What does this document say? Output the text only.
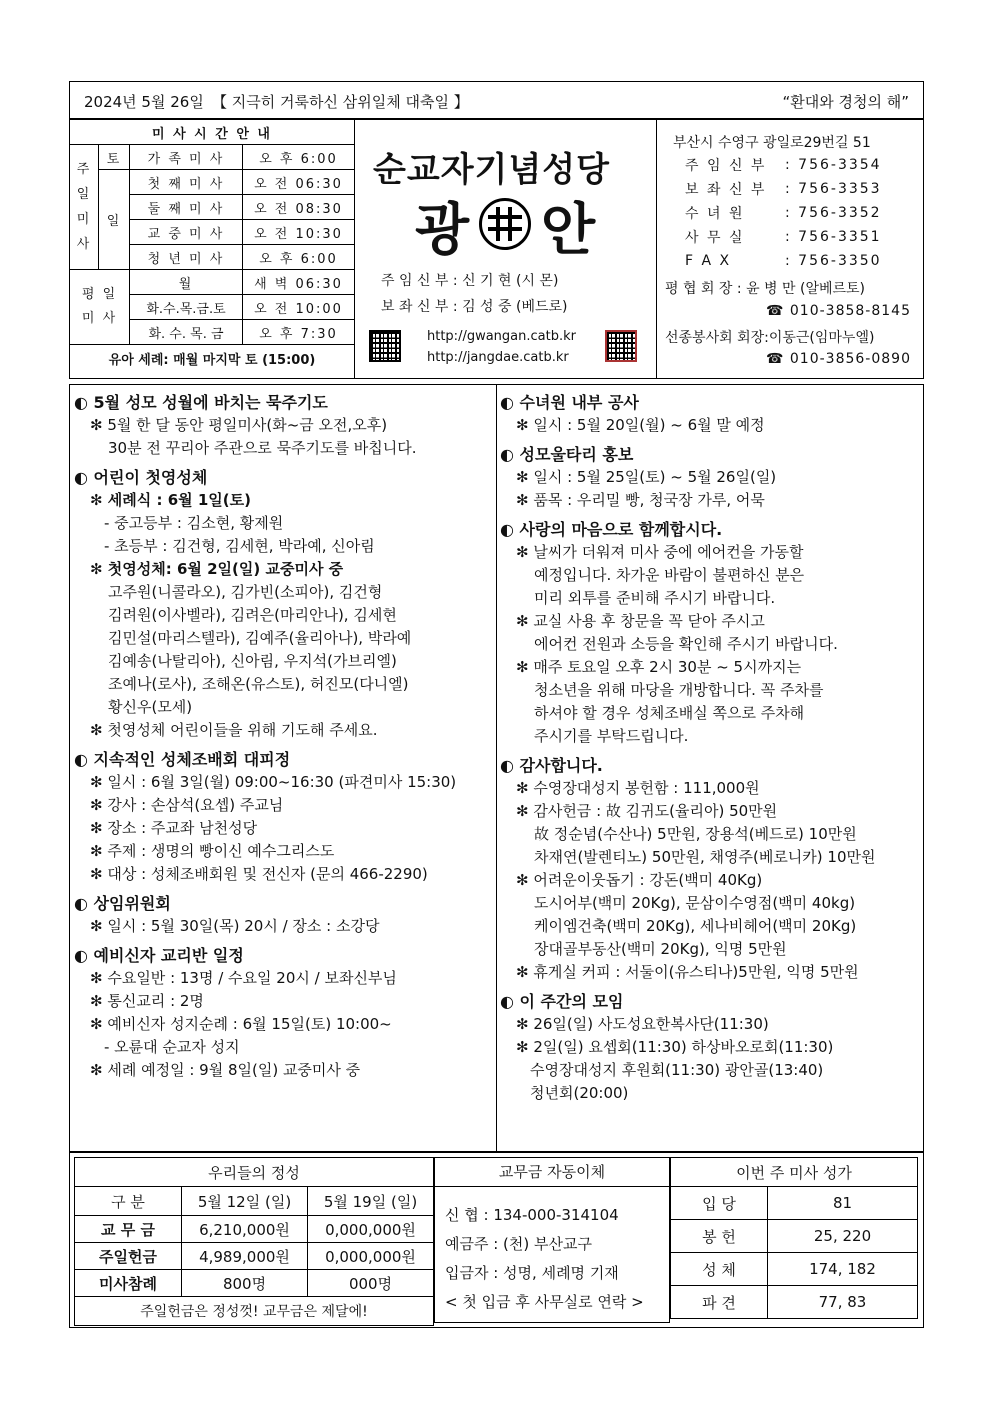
2024년 5월 26일 【 지극히 거룩하신 삼위일체 대축일 】	“환대와 경청의 해”
미 사 시 간 안 내			
주
일
미
사	토	가 족 미 사	오 후 6:00
	일	첫 째 미 사	오 전 06:30
		둘 째 미 사	오 전 08:30
		교 중 미 사	오 전 10:30
		청 년 미 사	오 후 6:00
평 일
미 사		월	새 벽 06:30
		화.수.목.금.토	오 전 10:00
		화. 수. 목. 금	오 후 7:30
유아 세례: 매월 마지막 토 (15:00)			
순교자기념성당
광 안
주 임 신 부 : 신 기 현 (시 몬)
보 좌 신 부 : 김 성 중 (베드로)
http://gwangan.catb.kr
http://jangdae.catb.kr
부산시 수영구 광일로29번길 51
주 임 신 부	: 756-3354
보 좌 신 부	: 756-3353
수 녀 원	: 756-3352
사 무 실	: 756-3351
F A X	: 756-3350
평 협 회 장 : 윤 병 만 (알베르토)
☎ 010-3858-8145
선종봉사회 회장:이동근(임마누엘)
☎ 010-3856-0890
◐ 5월 성모 성월에 바치는 묵주기도
✻ 5월 한 달 동안 평일미사(화~금 오전,오후)
30분 전 꾸리아 주관으로 묵주기도를 바칩니다.
◐ 어린이 첫영성체
✻ 세례식 : 6월 1일(토)
- 중고등부 : 김소현, 황제원
- 초등부 : 김건형, 김세현, 박라예, 신아림
✻ 첫영성체: 6월 2일(일) 교중미사 중
고주원(니콜라오), 김가빈(소피아), 김건형
김려원(이사벨라), 김려은(마리안나), 김세현
김민설(마리스텔라), 김예주(율리아나), 박라예
김예송(나탈리아), 신아림, 우지석(가브리엘)
조예나(로사), 조해온(유스토), 허진모(다니엘)
황신우(모세)
✻ 첫영성체 어린이들을 위해 기도해 주세요.
◐ 지속적인 성체조배회 대피정
✻ 일시 : 6월 3일(월) 09:00~16:30 (파견미사 15:30)
✻ 강사 : 손삼석(요셉) 주교님
✻ 장소 : 주교좌 남천성당
✻ 주제 : 생명의 빵이신 예수그리스도
✻ 대상 : 성체조배회원 및 전신자 (문의 466-2290)
◐ 상임위원회
✻ 일시 : 5월 30일(목) 20시 / 장소 : 소강당
◐ 예비신자 교리반 일정
✻ 수요일반 : 13명 / 수요일 20시 / 보좌신부님
✻ 통신교리 : 2명
✻ 예비신자 성지순례 : 6월 15일(토) 10:00~
- 오륜대 순교자 성지
✻ 세례 예정일 : 9월 8일(일) 교중미사 중
◐ 수녀원 내부 공사
✻ 일시 : 5월 20일(월) ~ 6월 말 예정
◐ 성모울타리 홍보
✻ 일시 : 5월 25일(토) ~ 5월 26일(일)
✻ 품목 : 우리밀 빵, 청국장 가루, 어묵
◐ 사랑의 마음으로 함께합시다.
✻ 날씨가 더워져 미사 중에 에어컨을 가동할
예정입니다. 차가운 바람이 불편하신 분은
미리 외투를 준비해 주시기 바랍니다.
✻ 교실 사용 후 창문을 꼭 닫아 주시고
에어컨 전원과 소등을 확인해 주시기 바랍니다.
✻ 매주 토요일 오후 2시 30분 ~ 5시까지는
청소년을 위해 마당을 개방합니다. 꼭 주차를
하셔야 할 경우 성체조배실 쪽으로 주차해
주시기를 부탁드립니다.
◐ 감사합니다.
✻ 수영장대성지 봉헌함 : 111,000원
✻ 감사헌금 : 故 김귀도(율리아) 50만원
故 정순념(수산나) 5만원, 장용석(베드로) 10만원
차재연(발렌티노) 50만원, 채영주(베로니카) 10만원
✻ 어려운이웃돕기 : 강돈(백미 40Kg)
도시어부(백미 20Kg), 문삼이수영점(백미 40kg)
케이엠건축(백미 20Kg), 세나비헤어(백미 20Kg)
장대골부동산(백미 20Kg), 익명 5만원
✻ 휴게실 커피 : 서둘이(유스티나)5만원, 익명 5만원
◐ 이 주간의 모임
✻ 26일(일) 사도성요한복사단(11:30)
✻ 2일(일) 요셉회(11:30) 하상바오로회(11:30)
수영장대성지 후원회(11:30) 광안골(13:40)
청년회(20:00)
우리들의 정성		
구 분	5월 12일 (일)	5월 19일 (일)
교 무 금	6,210,000원	0,000,000원
주일헌금	4,989,000원	0,000,000원
미사참례	800명	000명
주일헌금은 정성껏! 교무금은 제달에!		
교무금 자동이체
신 협 : 134-000-314104
예금주 : (천) 부산교구
입금자 : 성명, 세례명 기재
< 첫 입금 후 사무실로 연락 >
이번 주 미사 성가	
입 당	81
봉 헌	25, 220
성 체	174, 182
파 견	77, 83
